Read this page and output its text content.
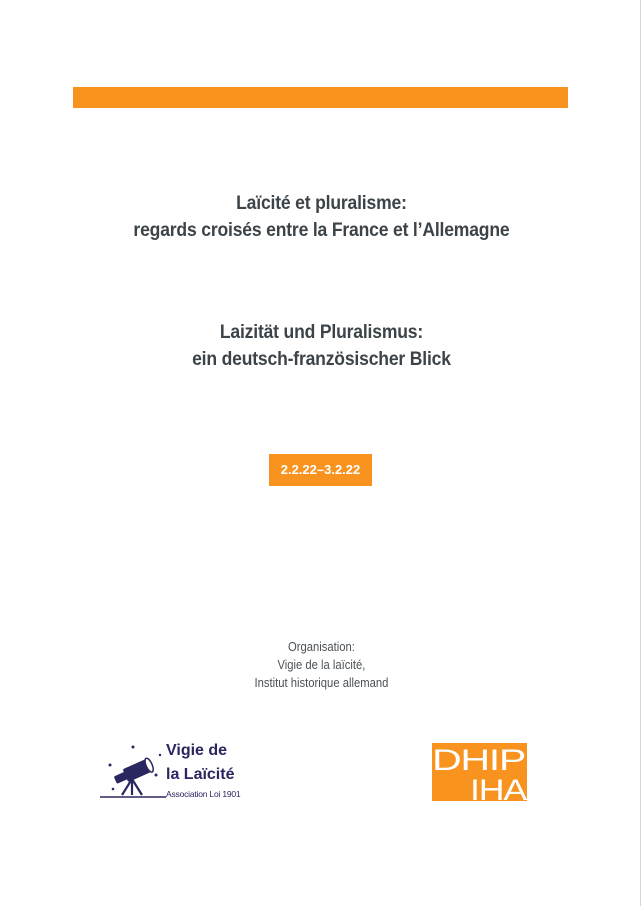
Laïcité et pluralisme:
regards croisés entre la France et l’Allemagne
Laizität und Pluralismus:
ein deutsch-französischer Blick
2.2.22–3.2.22
Organisation:
Vigie de la laïcité,
Institut historique allemand
Vigie de
la Laïcité
Association Loi 1901
DHIP
IHA
